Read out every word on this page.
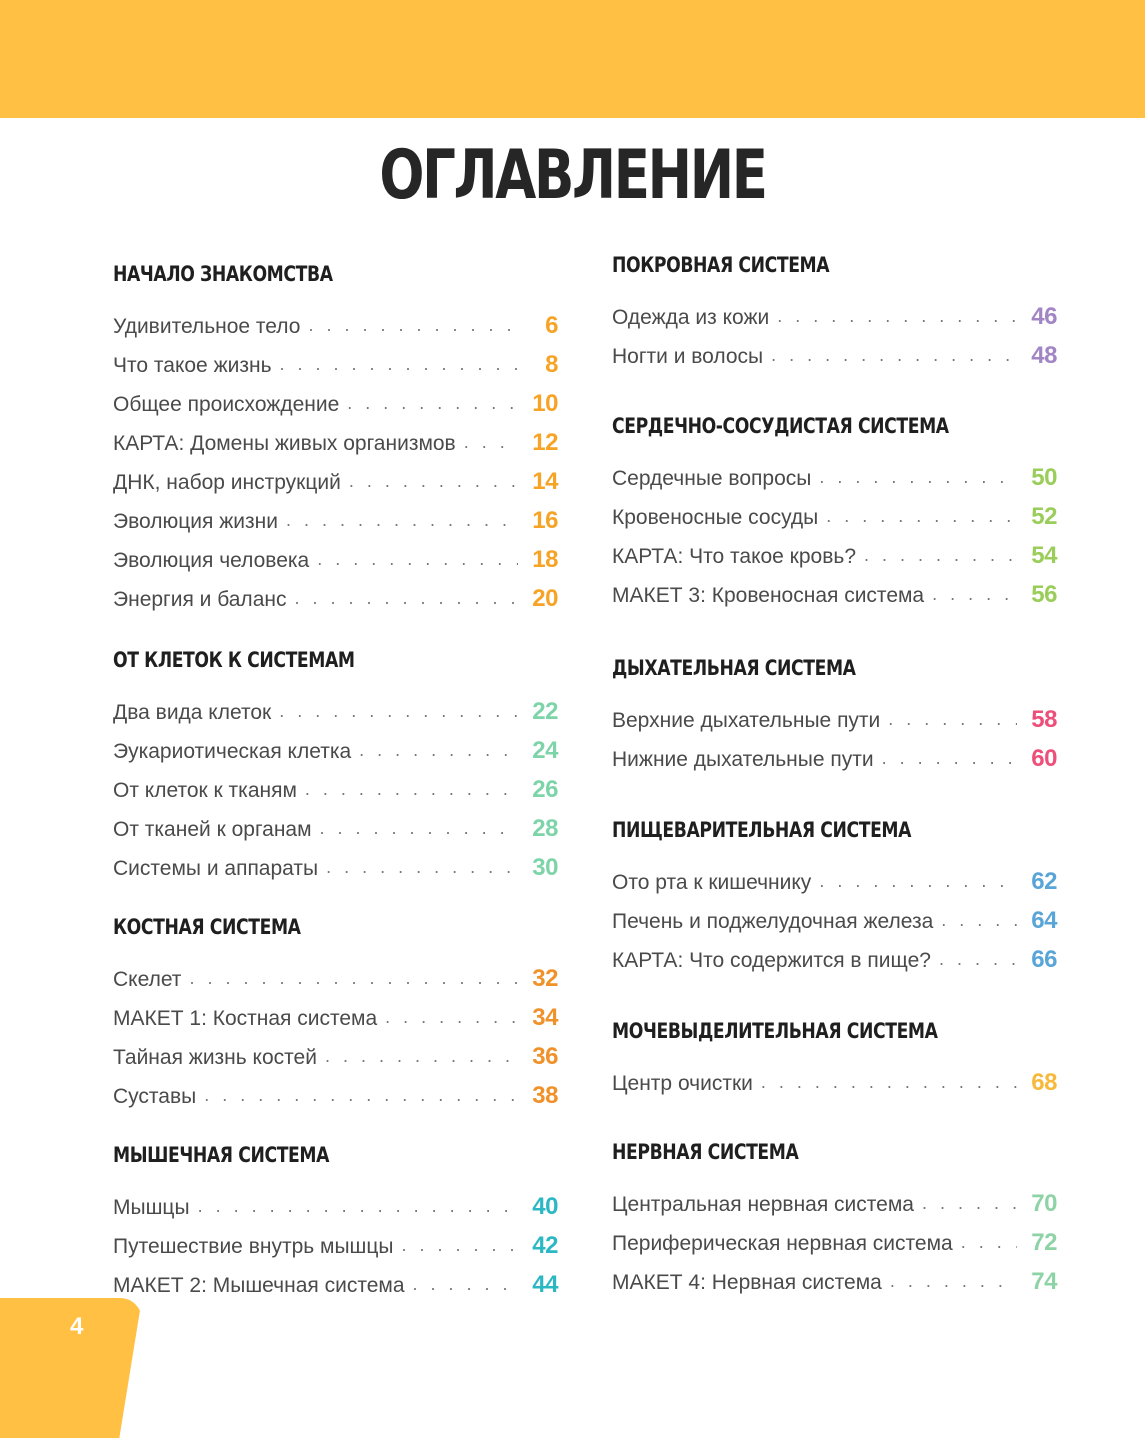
ОГЛАВЛЕНИЕ
НАЧАЛО ЗНАКОМСТВА
Удивительное тело . . .	6
Что такое жизнь . . .	8
Общее происхождение . . .	10
КАРТА: Домены живых организмов . . .	12
ДНК, набор инструкций . . .	14
Эволюция жизни . . .	16
Эволюция человека . . .	18
Энергия и баланс . . .	20
ОТ КЛЕТОК К СИСТЕМАМ
Два вида клеток . . .	22
Эукариотическая клетка . . .	24
От клеток к тканям . . .	26
От тканей к органам . . .	28
Системы и аппараты . . .	30
КОСТНАЯ СИСТЕМА
Скелет . . .	32
МАКЕТ 1: Костная система . . .	34
Тайная жизнь костей . . .	36
Суставы . . .	38
МЫШЕЧНАЯ СИСТЕМА
Мышцы . . .	40
Путешествие внутрь мышцы . . .	42
МАКЕТ 2: Мышечная система . . .	44
ПОКРОВНАЯ СИСТЕМА
Одежда из кожи . . .	46
Ногти и волосы . . .	48
СЕРДЕЧНО-СОСУДИСТАЯ СИСТЕМА
Сердечные вопросы . . .	50
Кровеносные сосуды . . .	52
КАРТА: Что такое кровь? . . .	54
МАКЕТ 3: Кровеносная система . . .	56
ДЫХАТЕЛЬНАЯ СИСТЕМА
Верхние дыхательные пути . . .	58
Нижние дыхательные пути . . .	60
ПИЩЕВАРИТЕЛЬНАЯ СИСТЕМА
Ото рта к кишечнику . . .	62
Печень и поджелудочная железа . . .	64
КАРТА: Что содержится в пище? . . .	66
МОЧЕВЫДЕЛИТЕЛЬНАЯ СИСТЕМА
Центр очистки . . .	68
НЕРВНАЯ СИСТЕМА
Центральная нервная система . . .	70
Периферическая нервная система . . .	72
МАКЕТ 4: Нервная система . . .	74
4
